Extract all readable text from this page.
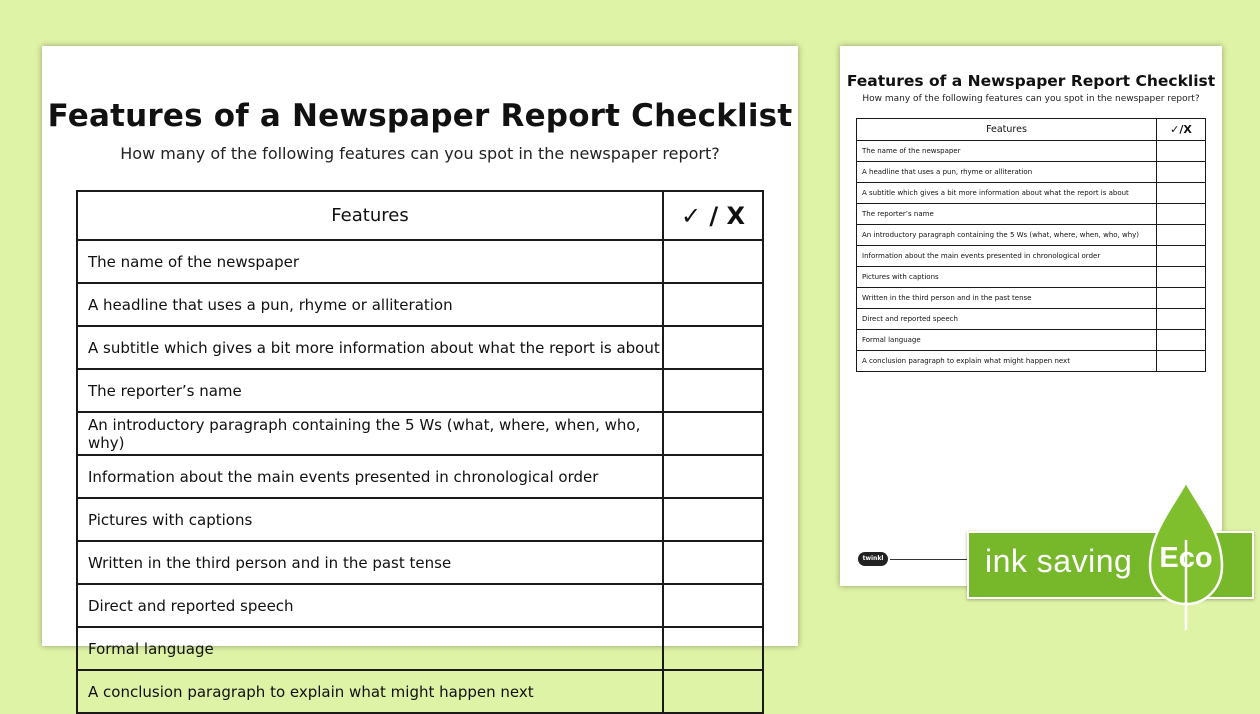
Features of a Newspaper Report Checklist

How many of the following features can you spot in the newspaper report?

Features	✓ / X
The name of the newspaper	
A headline that uses a pun, rhyme or alliteration	
A subtitle which gives a bit more information about what the report is about	
The reporter’s name	
An introductory paragraph containing the 5 Ws (what, where, when, who, why)	
Information about the main events presented in chronological order	
Pictures with captions	
Written in the third person and in the past tense	
Direct and reported speech	
Formal language	
A conclusion paragraph to explain what might happen next	
Features of a Newspaper Report Checklist

How many of the following features can you spot in the newspaper report?

Features	✓/X
The name of the newspaper	
A headline that uses a pun, rhyme or alliteration	
A subtitle which gives a bit more information about what the report is about	
The reporter’s name	
An introductory paragraph containing the 5 Ws (what, where, when, who, why)	
Information about the main events presented in chronological order	
Pictures with captions	
Written in the third person and in the past tense	
Direct and reported speech	
Formal language	
A conclusion paragraph to explain what might happen next	
twinkl	ink saving Eco
